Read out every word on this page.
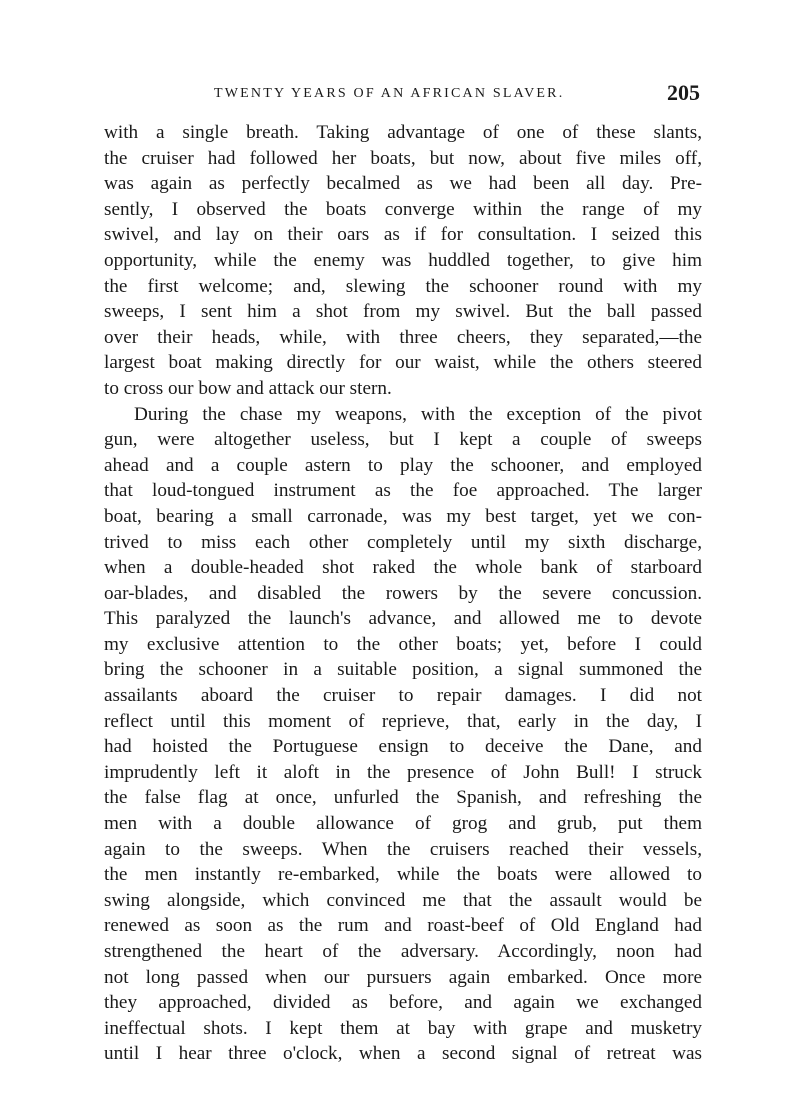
TWENTY YEARS OF AN AFRICAN SLAVER.	205
with a single breath. Taking advantage of one of these slants,
the cruiser had followed her boats, but now, about five miles off,
was again as perfectly becalmed as we had been all day. Pre-
sently, I observed the boats converge within the range of my
swivel, and lay on their oars as if for consultation. I seized this
opportunity, while the enemy was huddled together, to give him
the first welcome; and, slewing the schooner round with my
sweeps, I sent him a shot from my swivel. But the ball passed
over their heads, while, with three cheers, they separated,—the
largest boat making directly for our waist, while the others steered
to cross our bow and attack our stern.
During the chase my weapons, with the exception of the pivot
gun, were altogether useless, but I kept a couple of sweeps
ahead and a couple astern to play the schooner, and employed
that loud-tongued instrument as the foe approached. The larger
boat, bearing a small carronade, was my best target, yet we con-
trived to miss each other completely until my sixth discharge,
when a double-headed shot raked the whole bank of starboard
oar-blades, and disabled the rowers by the severe concussion.
This paralyzed the launch's advance, and allowed me to devote
my exclusive attention to the other boats; yet, before I could
bring the schooner in a suitable position, a signal summoned the
assailants aboard the cruiser to repair damages. I did not
reflect until this moment of reprieve, that, early in the day, I
had hoisted the Portuguese ensign to deceive the Dane, and
imprudently left it aloft in the presence of John Bull! I struck
the false flag at once, unfurled the Spanish, and refreshing the
men with a double allowance of grog and grub, put them
again to the sweeps. When the cruisers reached their vessels,
the men instantly re-embarked, while the boats were allowed to
swing alongside, which convinced me that the assault would be
renewed as soon as the rum and roast-beef of Old England had
strengthened the heart of the adversary. Accordingly, noon had
not long passed when our pursuers again embarked. Once more
they approached, divided as before, and again we exchanged
ineffectual shots. I kept them at bay with grape and musketry
until I hear three o'clock, when a second signal of retreat was
